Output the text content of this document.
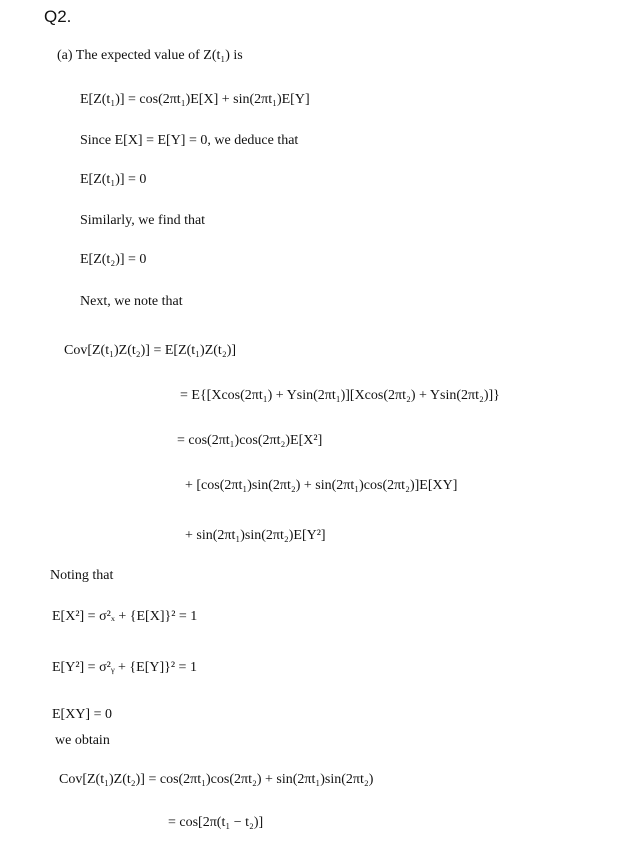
Q2.
(a) The expected value of Z(t₁) is
E[Z(t₁)] = cos(2πt₁)E[X] + sin(2πt₁)E[Y]
Since E[X] = E[Y] = 0, we deduce that
E[Z(t₁)] = 0
Similarly, we find that
E[Z(t₂)] = 0
Next, we note that
Cov[Z(t₁)Z(t₂)] = E[Z(t₁)Z(t₂)]
= E{[Xcos(2πt₁) + Ysin(2πt₁)][Xcos(2πt₂) + Ysin(2πt₂)]}
= cos(2πt₁)cos(2πt₂)E[X²]
+ [cos(2πt₁)sin(2πt₂) + sin(2πt₁)cos(2πt₂)]E[XY]
+ sin(2πt₁)sin(2πt₂)E[Y²]
Noting that
E[X²] = σ²ₓ + {E[X]}² = 1
E[Y²] = σ²ᵧ + {E[Y]}² = 1
E[XY] = 0
we obtain
Cov[Z(t₁)Z(t₂)] = cos(2πt₁)cos(2πt₂) + sin(2πt₁)sin(2πt₂)
= cos[2π(t₁ − t₂)]
